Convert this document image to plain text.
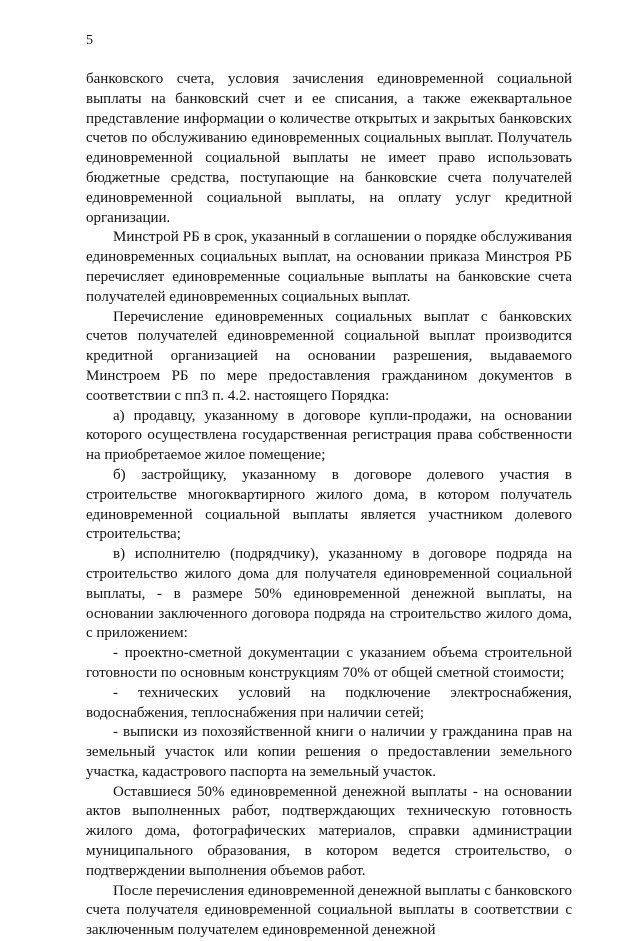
5

банковского счета, условия зачисления единовременной социальной выплаты на банковский счет и ее списания, а также ежеквартальное представление информации о количестве открытых и закрытых банковских счетов по обслуживанию единовременных социальных выплат. Получатель единовременной социальной выплаты не имеет право использовать бюджетные средства, поступающие на банковские счета получателей единовременной социальной выплаты, на оплату услуг кредитной организации.

Минстрой РБ в срок, указанный в соглашении о порядке обслуживания единовременных социальных выплат, на основании приказа Минстроя РБ перечисляет единовременные социальные выплаты на банковские счета получателей единовременных социальных выплат.

Перечисление единовременных социальных выплат с банковских счетов получателей единовременной социальной выплат производится кредитной организацией на основании разрешения, выдаваемого Минстроем РБ по мере предоставления гражданином документов в соответствии с пп3 п. 4.2. настоящего Порядка:

а) продавцу, указанному в договоре купли-продажи, на основании которого осуществлена государственная регистрация права собственности на приобретаемое жилое помещение;

б) застройщику, указанному в договоре долевого участия в строительстве многоквартирного жилого дома, в котором получатель единовременной социальной выплаты является участником долевого строительства;

в) исполнителю (подрядчику), указанному в договоре подряда на строительство жилого дома для получателя единовременной социальной выплаты, - в размере 50% единовременной денежной выплаты, на основании заключенного договора подряда на строительство жилого дома, с приложением:

- проектно-сметной документации с указанием объема строительной готовности по основным конструкциям 70% от общей сметной стоимости;

- технических условий на подключение электроснабжения, водоснабжения, теплоснабжения при наличии сетей;

- выписки из похозяйственной книги о наличии у гражданина прав на земельный участок или копии решения о предоставлении земельного участка, кадастрового паспорта на земельный участок.

Оставшиеся 50% единовременной денежной выплаты - на основании актов выполненных работ, подтверждающих техническую готовность жилого дома, фотографических материалов, справки администрации муниципального образования, в котором ведется строительство, о подтверждении выполнения объемов работ.

После перечисления единовременной денежной выплаты с банковского счета получателя единовременной социальной выплаты в соответствии с заключенным получателем единовременной денежной
